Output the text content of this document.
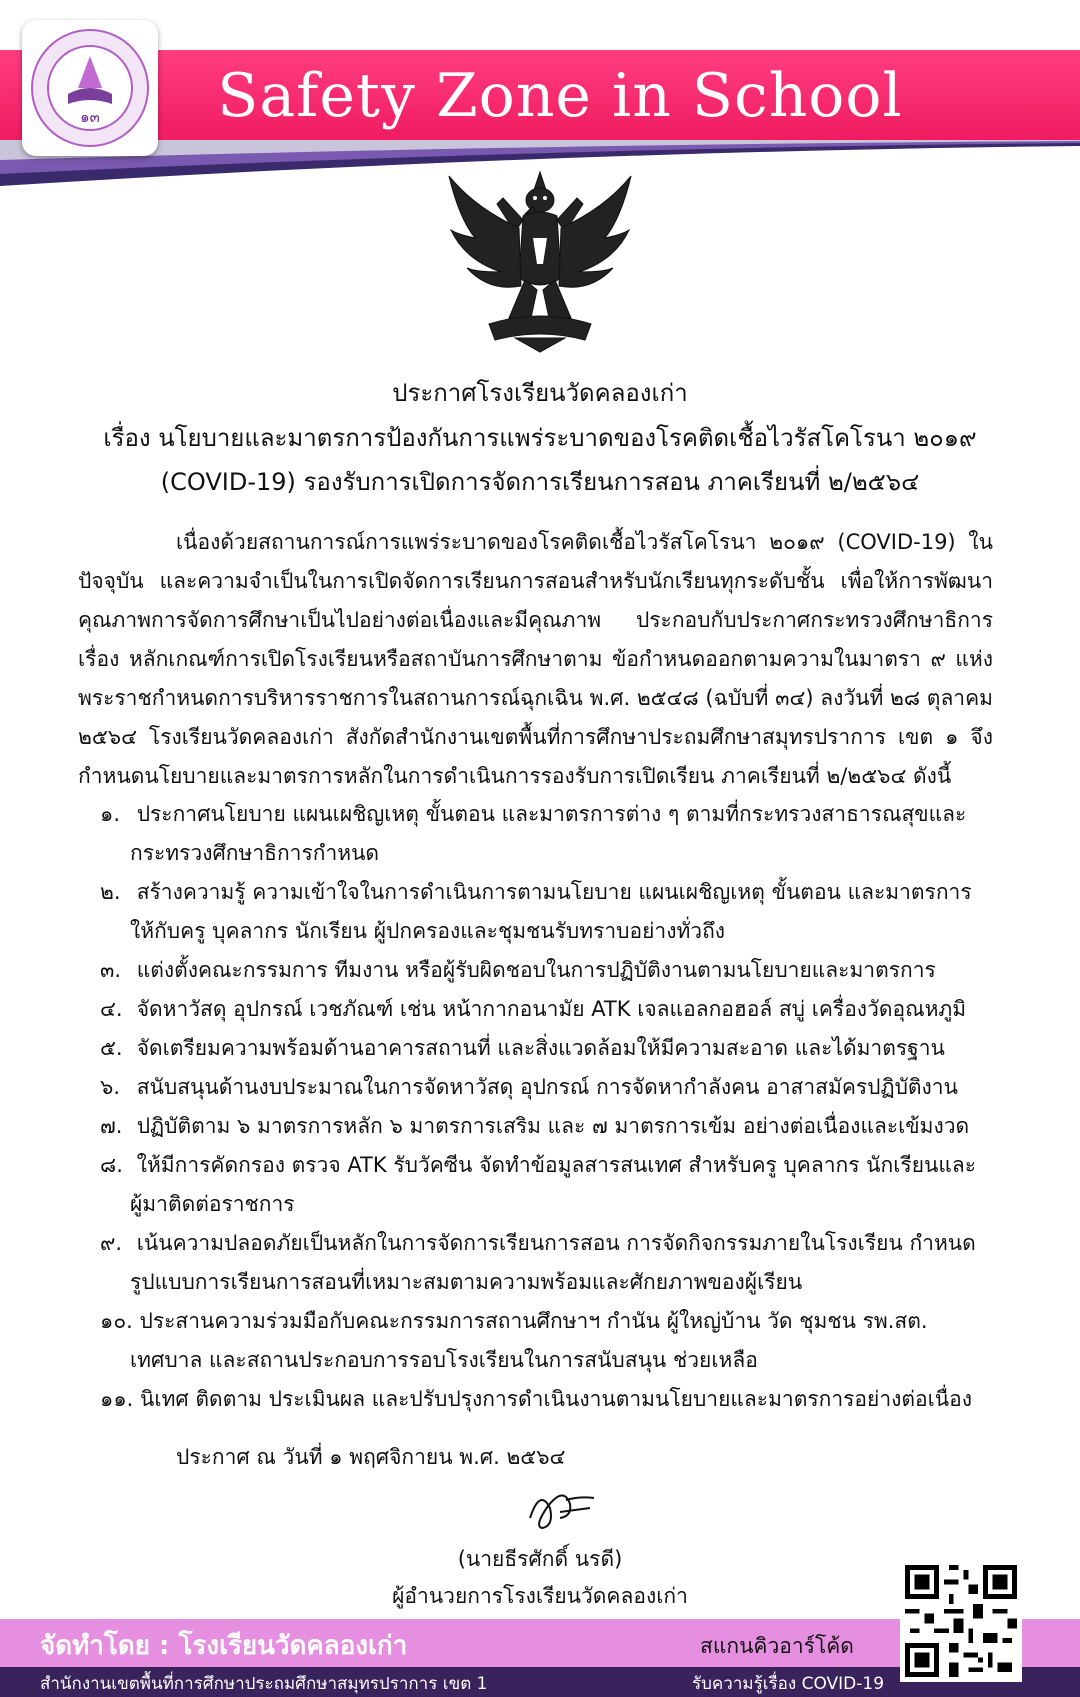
Safety Zone in School
๑๓
ประกาศโรงเรียนวัดคลองเก่า
เรื่อง นโยบายและมาตรการป้องกันการแพร่ระบาดของโรคติดเชื้อไวรัสโคโรนา ๒๐๑๙
(COVID-19) รองรับการเปิดการจัดการเรียนการสอน ภาคเรียนที่ ๒/๒๕๖๔
เนื่องด้วยสถานการณ์การแพร่ระบาดของโรคติดเชื้อไวรัสโคโรนา ๒๐๑๙ (COVID-19) ในปัจจุบัน และความจำเป็นในการเปิดจัดการเรียนการสอนสำหรับนักเรียนทุกระดับชั้น เพื่อให้การพัฒนาคุณภาพการจัดการศึกษาเป็นไปอย่างต่อเนื่องและมีคุณภาพ ประกอบกับประกาศกระทรวงศึกษาธิการ เรื่อง หลักเกณฑ์การเปิดโรงเรียนหรือสถาบันการศึกษาตาม ข้อกำหนดออกตามความในมาตรา ๙ แห่งพระราชกำหนดการบริหารราชการในสถานการณ์ฉุกเฉิน พ.ศ. ๒๕๔๘ (ฉบับที่ ๓๔) ลงวันที่ ๒๘ ตุลาคม ๒๕๖๔ โรงเรียนวัดคลองเก่า สังกัดสำนักงานเขตพื้นที่การศึกษาประถมศึกษาสมุทรปราการ เขต ๑ จึงกำหนดนโยบายและมาตรการหลักในการดำเนินการรองรับการเปิดเรียน ภาคเรียนที่ ๒/๒๕๖๔ ดังนี้
๑. ประกาศนโยบาย แผนเผชิญเหตุ ขั้นตอน และมาตรการต่าง ๆ ตามที่กระทรวงสาธารณสุขและ
กระทรวงศึกษาธิการกำหนด
๒. สร้างความรู้ ความเข้าใจในการดำเนินการตามนโยบาย แผนเผชิญเหตุ ขั้นตอน และมาตรการ
ให้กับครู บุคลากร นักเรียน ผู้ปกครองและชุมชนรับทราบอย่างทั่วถึง
๓. แต่งตั้งคณะกรรมการ ทีมงาน หรือผู้รับผิดชอบในการปฏิบัติงานตามนโยบายและมาตรการ
๔. จัดหาวัสดุ อุปกรณ์ เวชภัณฑ์ เช่น หน้ากากอนามัย ATK เจลแอลกอฮอล์ สบู่ เครื่องวัดอุณหภูมิ
๕. จัดเตรียมความพร้อมด้านอาคารสถานที่ และสิ่งแวดล้อมให้มีความสะอาด และได้มาตรฐาน
๖. สนับสนุนด้านงบประมาณในการจัดหาวัสดุ อุปกรณ์ การจัดหากำลังคน อาสาสมัครปฏิบัติงาน
๗. ปฏิบัติตาม ๖ มาตรการหลัก ๖ มาตรการเสริม และ ๗ มาตรการเข้ม อย่างต่อเนื่องและเข้มงวด
๘. ให้มีการคัดกรอง ตรวจ ATK รับวัคซีน จัดทำข้อมูลสารสนเทศ สำหรับครู บุคลากร นักเรียนและ
ผู้มาติดต่อราชการ
๙. เน้นความปลอดภัยเป็นหลักในการจัดการเรียนการสอน การจัดกิจกรรมภายในโรงเรียน กำหนด
รูปแบบการเรียนการสอนที่เหมาะสมตามความพร้อมและศักยภาพของผู้เรียน
๑๐. ประสานความร่วมมือกับคณะกรรมการสถานศึกษาฯ กำนัน ผู้ใหญ่บ้าน วัด ชุมชน รพ.สต.
เทศบาล และสถานประกอบการรอบโรงเรียนในการสนับสนุน ช่วยเหลือ
๑๑. นิเทศ ติดตาม ประเมินผล และปรับปรุงการดำเนินงานตามนโยบายและมาตรการอย่างต่อเนื่อง
ประกาศ ณ วันที่ ๑ พฤศจิกายน พ.ศ. ๒๕๖๔
(นายธีรศักดิ์ นรดี)
ผู้อำนวยการโรงเรียนวัดคลองเก่า
จัดทำโดย : โรงเรียนวัดคลองเก่า	สแกนคิวอาร์โค้ด
สำนักงานเขตพื้นที่การศึกษาประถมศึกษาสมุทรปราการ เขต 1	รับความรู้เรื่อง COVID-19
